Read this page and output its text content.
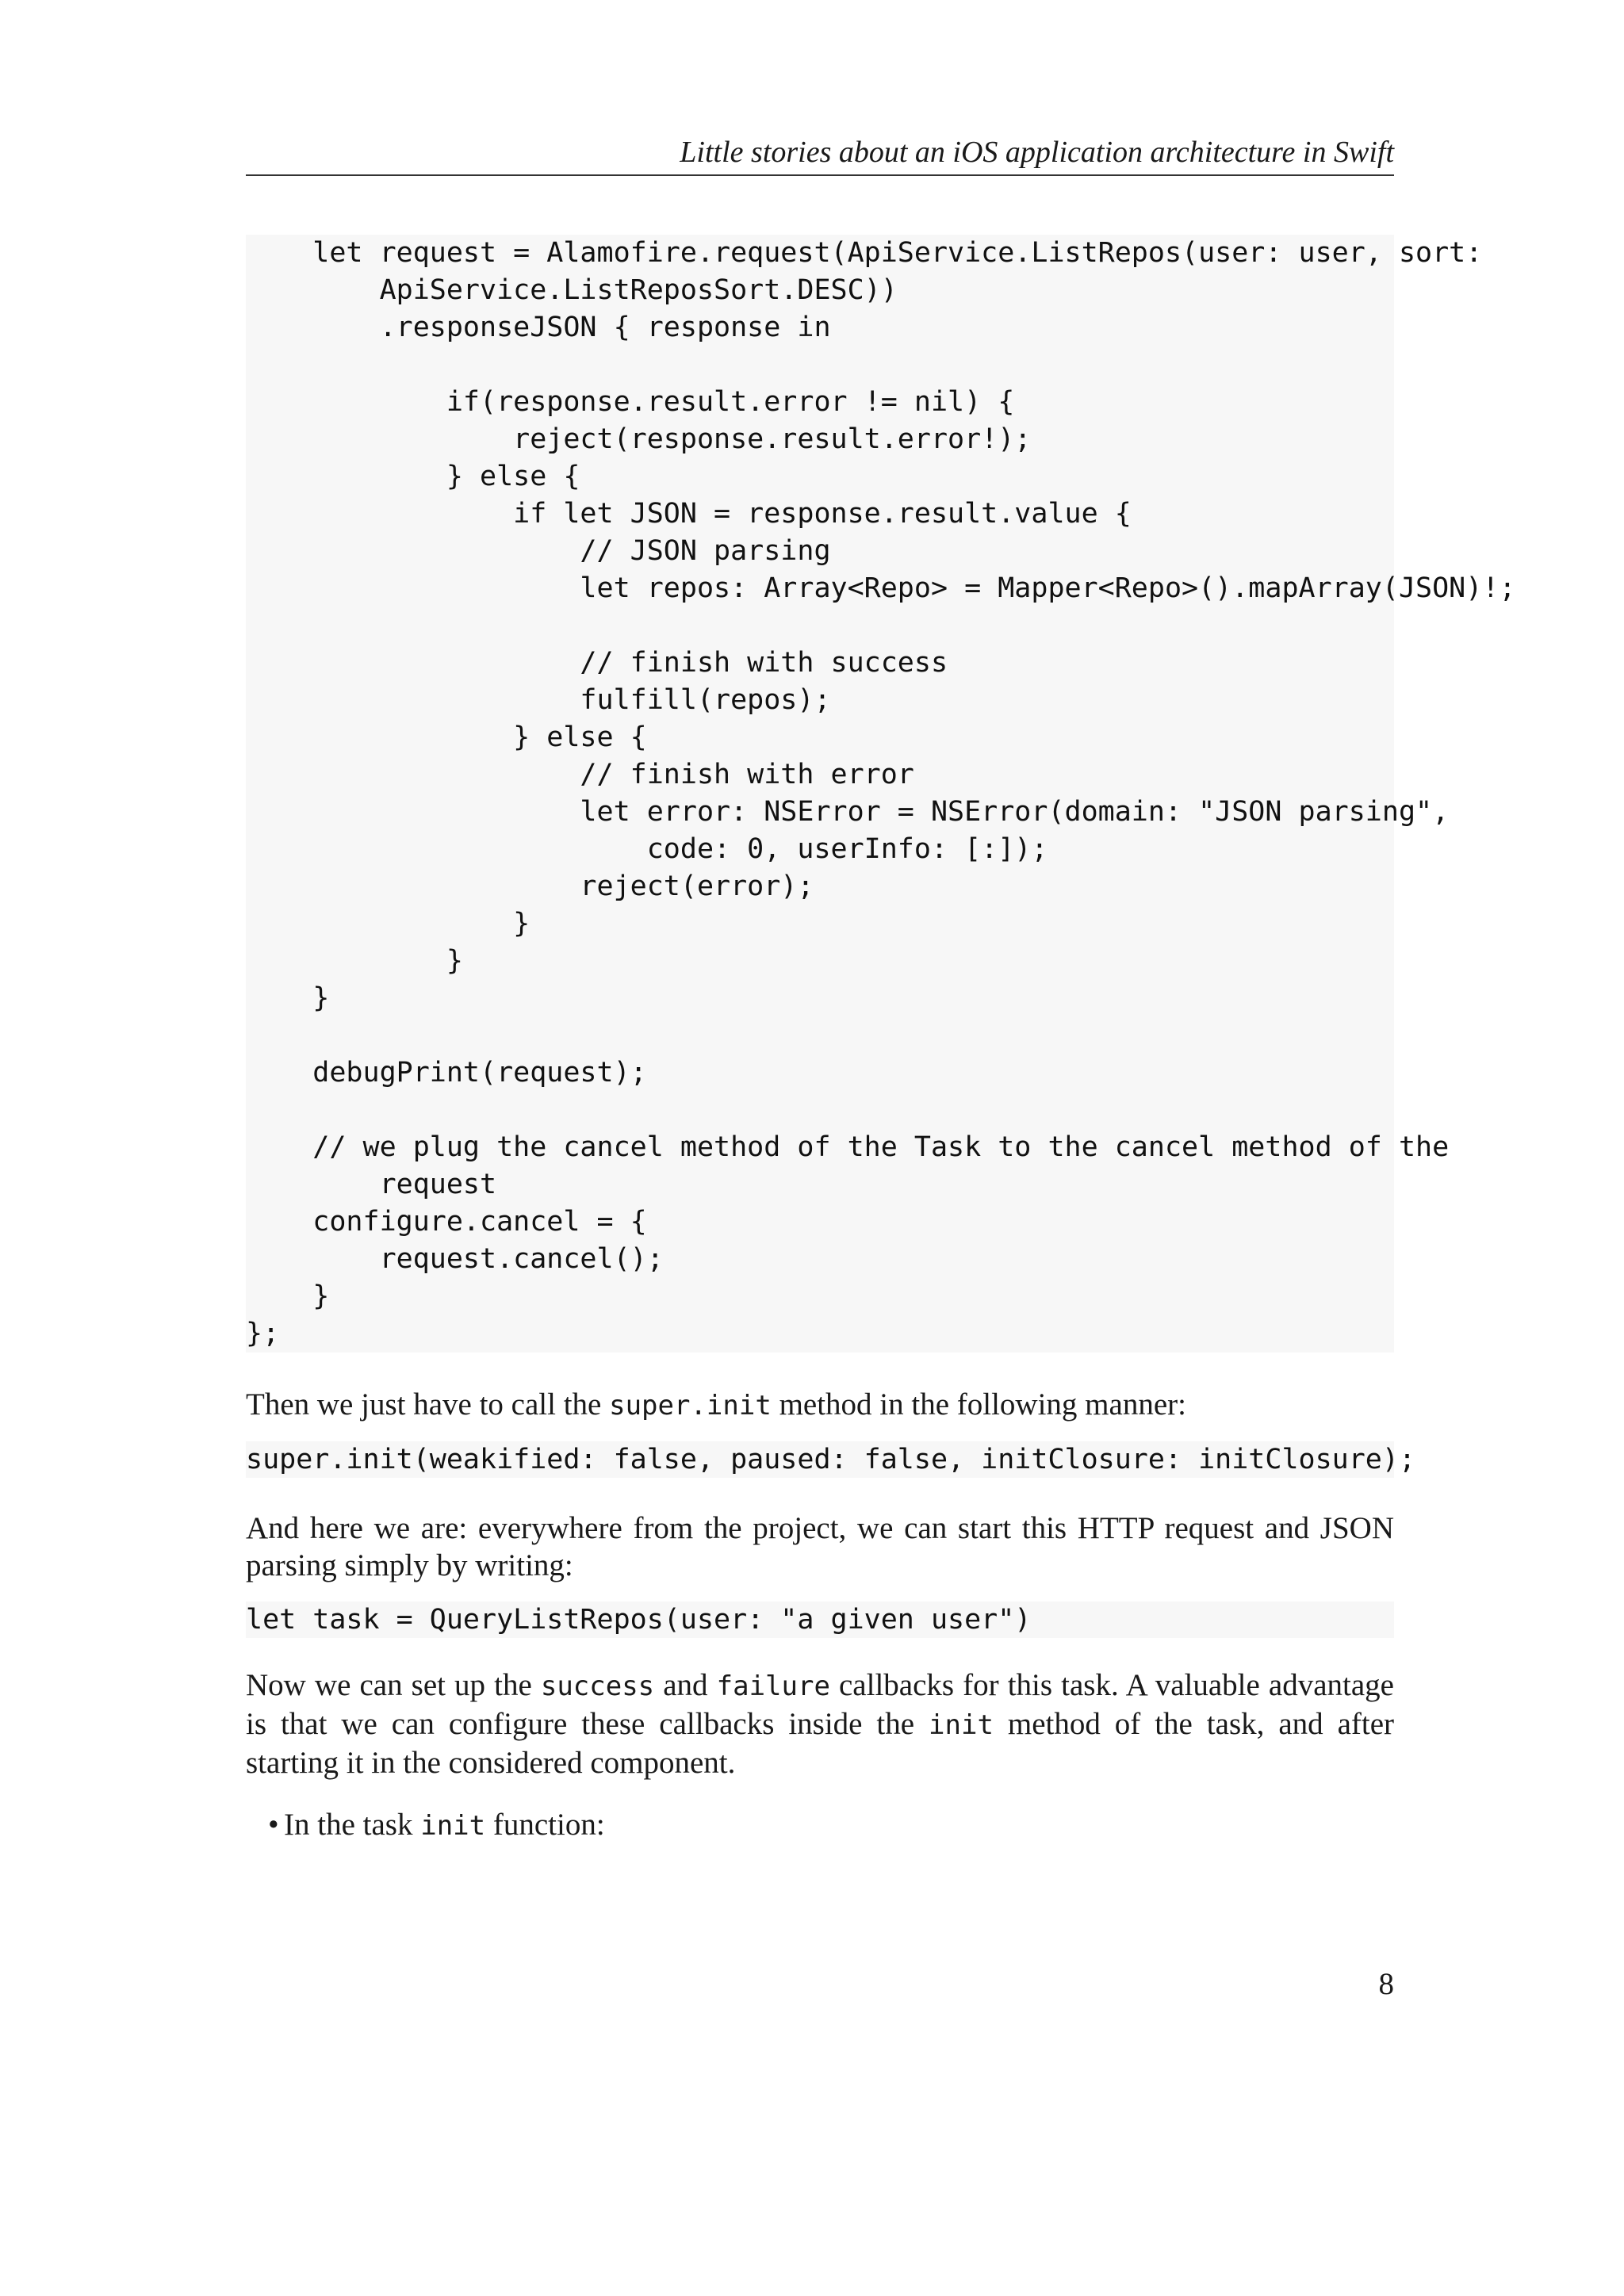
Little stories about an iOS application architecture in Swift
let request = Alamofire.request(ApiService.ListRepos(user: user, sort:
ApiService.ListReposSort.DESC))
.responseJSON { response in
if(response.result.error != nil) {
reject(response.result.error!);
} else {
if let JSON = response.result.value {
// JSON parsing
let repos: Array<Repo> = Mapper<Repo>().mapArray(JSON)!;
// finish with success
fulfill(repos);
} else {
// finish with error
let error: NSError = NSError(domain: "JSON parsing",
code: 0, userInfo: [:]);
reject(error);
}
}
}
debugPrint(request);
// we plug the cancel method of the Task to the cancel method of the
request
configure.cancel = {
request.cancel();
}
};

Then we just have to call the super.init method in the following manner:

super.init(weakified: false, paused: false, initClosure: initClosure);

And here we are: everywhere from the project, we can start this HTTP request and JSON parsing simply by writing:

let task = QueryListRepos(user: "a given user")

Now we can set up the success and failure callbacks for this task. A valuable advantage is that we can configure these callbacks inside the init method of the task, and after starting it in the considered component.

• In the task init function:

8
